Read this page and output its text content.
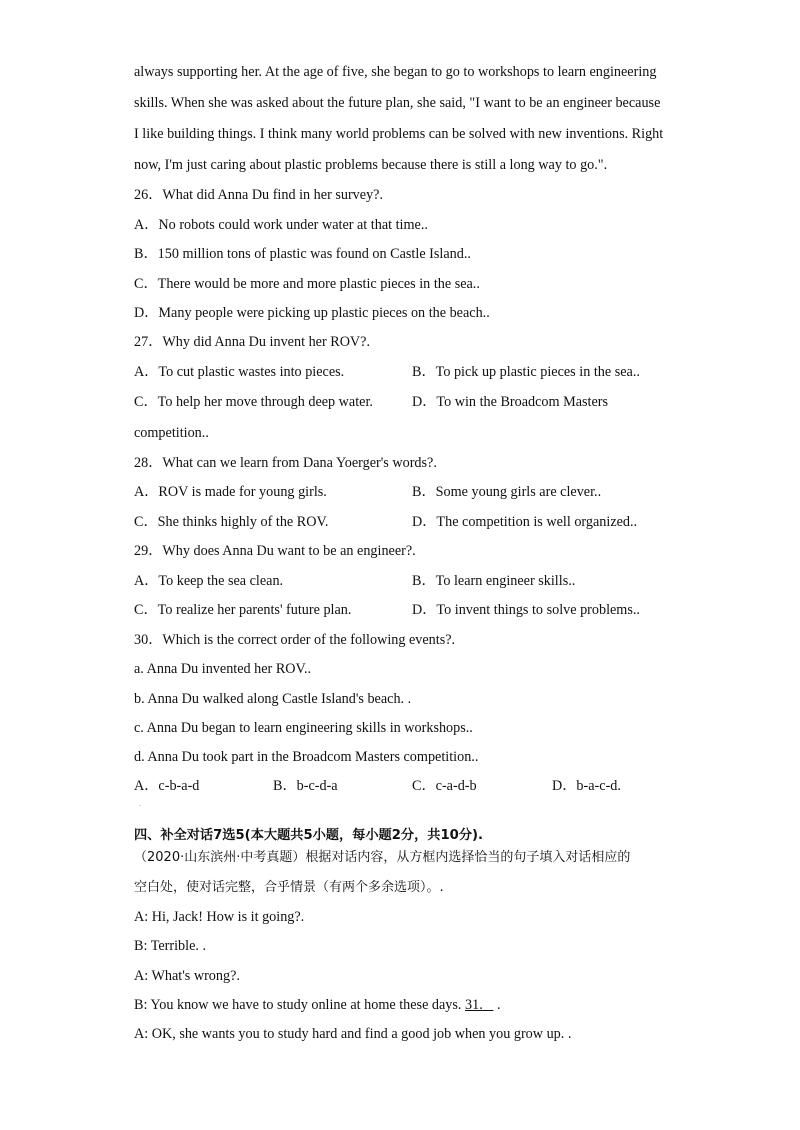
always supporting her. At the age of five, she began to go to workshops to learn engineering
skills. When she was asked about the future plan, she said, "I want to be an engineer because
I like building things. I think many world problems can be solved with new inventions. Right
now, I'm just caring about plastic problems because there is still a long way to go.".
26．What did Anna Du find in her survey?.
A．No robots could work under water at that time..
B．150 million tons of plastic was found on Castle Island..
C．There would be more and more plastic pieces in the sea..
D．Many people were picking up plastic pieces on the beach..
27．Why did Anna Du invent her ROV?.
A．To cut plastic wastes into pieces.	B．To pick up plastic pieces in the sea..
C．To help her move through deep water.	D．To win the Broadcom Masters
competition..
28．What can we learn from Dana Yoerger's words?.
A．ROV is made for young girls.	B．Some young girls are clever..
C．She thinks highly of the ROV.	D．The competition is well organized..
29．Why does Anna Du want to be an engineer?.
A．To keep the sea clean.	B．To learn engineer skills..
C．To realize her parents' future plan.	D．To invent things to solve problems..
30．Which is the correct order of the following events?.
a. Anna Du invented her ROV..
b. Anna Du walked along Castle Island's beach. .
c. Anna Du began to learn engineering skills in workshops..
d. Anna Du took part in the Broadcom Masters competition..
A．c-b-a-d	B．b-c-d-a	C．c-a-d-b	D．b-a-c-d.
.
四、补全对话7选5(本大题共5小题，每小题2分，共10分).
（2020·山东滨州·中考真题）根据对话内容，从方框内选择恰当的句子填入对话相应的
空白处，使对话完整，合乎情景（有两个多余选项）。.
A: Hi, Jack! How is it going?.
B: Terrible. .
A: What's wrong?.
B: You know we have to study online at home these days. 31.    .
A: OK, she wants you to study hard and find a good job when you grow up. .
